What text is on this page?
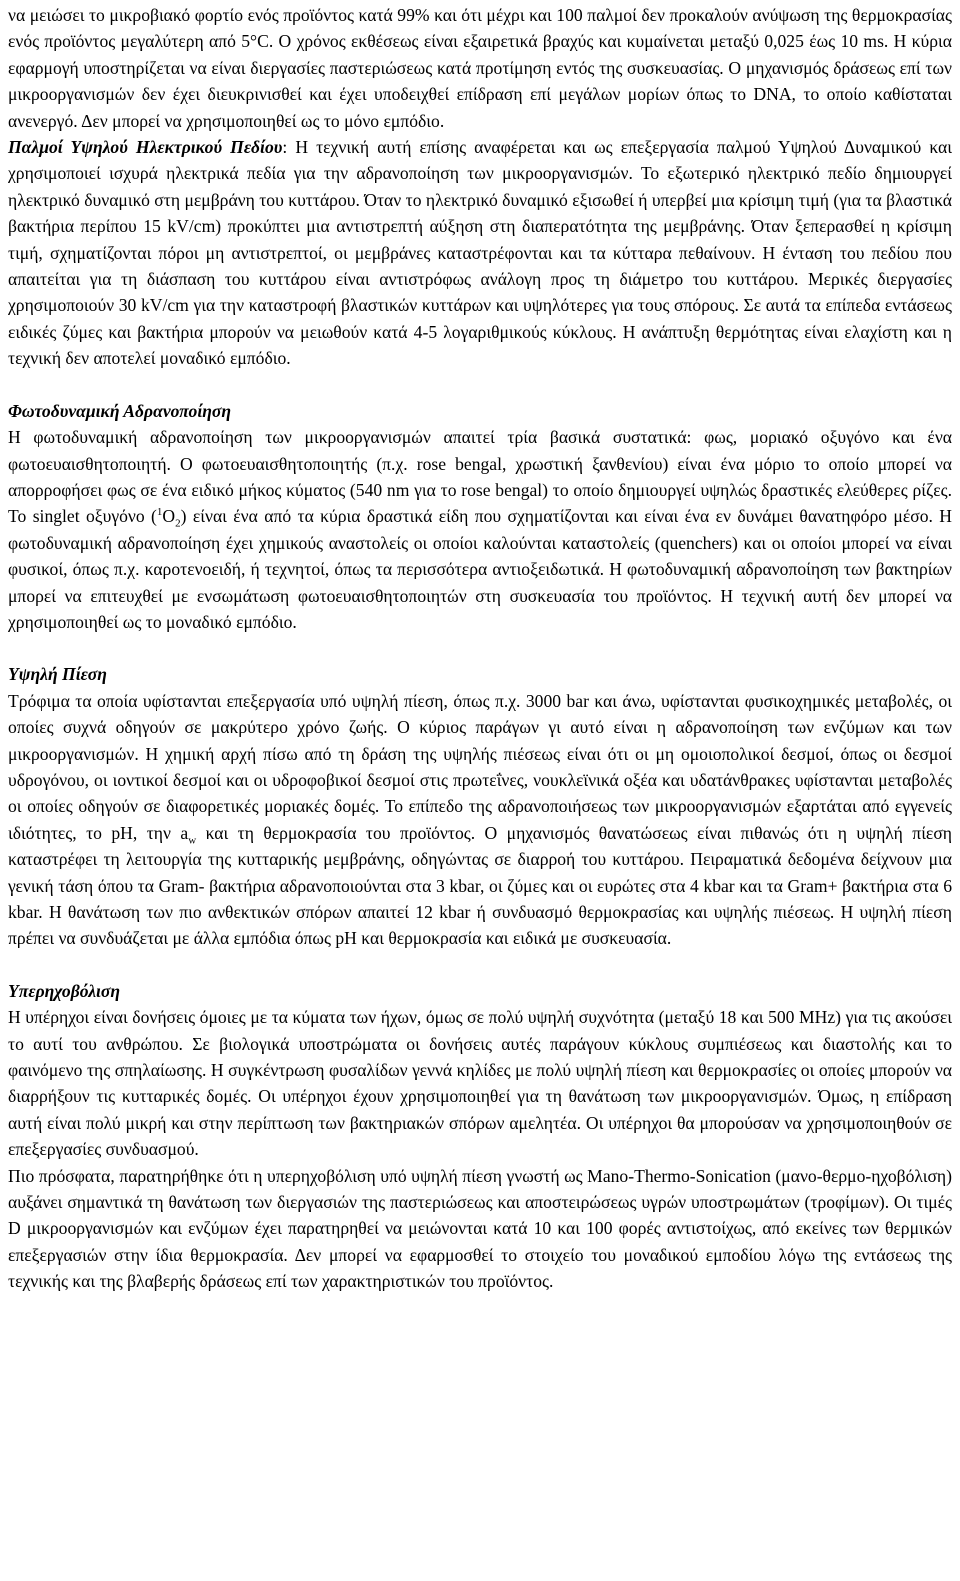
να μειώσει το μικροβιακό φορτίο ενός προϊόντος κατά 99% και ότι μέχρι και 100 παλμοί δεν προκαλούν ανύψωση της θερμοκρασίας ενός προϊόντος μεγαλύτερη από 5°C. Ο χρόνος εκθέσεως είναι εξαιρετικά βραχύς και κυμαίνεται μεταξύ 0,025 έως 10 ms. Η κύρια εφαρμογή υποστηρίζεται να είναι διεργασίες παστεριώσεως κατά προτίμηση εντός της συσκευασίας. Ο μηχανισμός δράσεως επί των μικροοργανισμών δεν έχει διευκρινισθεί και έχει υποδειχθεί επίδραση επί μεγάλων μορίων όπως το DNA, το οποίο καθίσταται ανενεργό. Δεν μπορεί να χρησιμοποιηθεί ως το μόνο εμπόδιο.

Παλμοί Υψηλού Ηλεκτρικού Πεδίου: Η τεχνική αυτή επίσης αναφέρεται και ως επεξεργασία παλμού Υψηλού Δυναμικού και χρησιμοποιεί ισχυρά ηλεκτρικά πεδία για την αδρανοποίηση των μικροοργανισμών. Το εξωτερικό ηλεκτρικό πεδίο δημιουργεί ηλεκτρικό δυναμικό στη μεμβράνη του κυττάρου. Όταν το ηλεκτρικό δυναμικό εξισωθεί ή υπερβεί μια κρίσιμη τιμή (για τα βλαστικά βακτήρια περίπου 15 kV/cm) προκύπτει μια αντιστρεπτή αύξηση στη διαπερατότητα της μεμβράνης. Όταν ξεπερασθεί η κρίσιμη τιμή, σχηματίζονται πόροι μη αντιστρεπτοί, οι μεμβράνες καταστρέφονται και τα κύτταρα πεθαίνουν. Η ένταση του πεδίου που απαιτείται για τη διάσπαση του κυττάρου είναι αντιστρόφως ανάλογη προς τη διάμετρο του κυττάρου. Μερικές διεργασίες χρησιμοποιούν 30 kV/cm για την καταστροφή βλαστικών κυττάρων και υψηλότερες για τους σπόρους. Σε αυτά τα επίπεδα εντάσεως ειδικές ζύμες και βακτήρια μπορούν να μειωθούν κατά 4-5 λογαριθμικούς κύκλους. Η ανάπτυξη θερμότητας είναι ελαχίστη και η τεχνική δεν αποτελεί μοναδικό εμπόδιο.

Φωτοδυναμική Αδρανοποίηση

Η φωτοδυναμική αδρανοποίηση των μικροοργανισμών απαιτεί τρία βασικά συστατικά: φως, μοριακό οξυγόνο και ένα φωτοευαισθητοποιητή. Ο φωτοευαισθητοποιητής (π.χ. rose bengal, χρωστική ξανθενίου) είναι ένα μόριο το οποίο μπορεί να απορροφήσει φως σε ένα ειδικό μήκος κύματος (540 nm για το rose bengal) το οποίο δημιουργεί υψηλώς δραστικές ελεύθερες ρίζες. Το singlet οξυγόνο $(^1O_2)$ είναι ένα από τα κύρια δραστικά είδη που σχηματίζονται και είναι ένα εν δυνάμει θανατηφόρο μέσο. Η φωτοδυναμική αδρανοποίηση έχει χημικούς αναστολείς οι οποίοι καλούνται καταστολείς (quenchers) και οι οποίοι μπορεί να είναι φυσικοί, όπως π.χ. καροτενοειδή, ή τεχνητοί, όπως τα περισσότερα αντιοξειδωτικά. Η φωτοδυναμική αδρανοποίηση των βακτηρίων μπορεί να επιτευχθεί με ενσωμάτωση φωτοευαισθητοποιητών στη συσκευασία του προϊόντος. Η τεχνική αυτή δεν μπορεί να χρησιμοποιηθεί ως το μοναδικό εμπόδιο.

Υψηλή Πίεση

Τρόφιμα τα οποία υφίστανται επεξεργασία υπό υψηλή πίεση, όπως π.χ. 3000 bar και άνω, υφίστανται φυσικοχημικές μεταβολές, οι οποίες συχνά οδηγούν σε μακρύτερο χρόνο ζωής. Ο κύριος παράγων γι αυτό είναι η αδρανοποίηση των ενζύμων και των μικροοργανισμών. Η χημική αρχή πίσω από τη δράση της υψηλής πιέσεως είναι ότι οι μη ομοιοπολικοί δεσμοί, όπως οι δεσμοί υδρογόνου, οι ιοντικοί δεσμοί και οι υδροφοβικοί δεσμοί στις πρωτεΐνες, νουκλεϊνικά οξέα και υδατάνθρακες υφίστανται μεταβολές οι οποίες οδηγούν σε διαφορετικές μοριακές δομές. Το επίπεδο της αδρανοποιήσεως των μικροοργανισμών εξαρτάται από εγγενείς ιδιότητες, το pH, την $a_w$ και τη θερμοκρασία του προϊόντος. Ο μηχανισμός θανατώσεως είναι πιθανώς ότι η υψηλή πίεση καταστρέφει τη λειτουργία της κυτταρικής μεμβράνης, οδηγώντας σε διαρροή του κυττάρου. Πειραματικά δεδομένα δείχνουν μια γενική τάση όπου τα Gram- βακτήρια αδρανοποιούνται στα 3 kbar, οι ζύμες και οι ευρώτες στα 4 kbar και τα Gram+ βακτήρια στα 6 kbar. Η θανάτωση των πιο ανθεκτικών σπόρων απαιτεί 12 kbar ή συνδυασμό θερμοκρασίας και υψηλής πιέσεως. Η υψηλή πίεση πρέπει να συνδυάζεται με άλλα εμπόδια όπως pH και θερμοκρασία και ειδικά με συσκευασία.

Υπερηχοβόλιση

Η υπέρηχοι είναι δονήσεις όμοιες με τα κύματα των ήχων, όμως σε πολύ υψηλή συχνότητα (μεταξύ 18 και 500 MHz) για τις ακούσει το αυτί του ανθρώπου. Σε βιολογικά υποστρώματα οι δονήσεις αυτές παράγουν κύκλους συμπιέσεως και διαστολής και το φαινόμενο της σπηλαίωσης. Η συγκέντρωση φυσαλίδων γεννά κηλίδες με πολύ υψηλή πίεση και θερμοκρασίες οι οποίες μπορούν να διαρρήξουν τις κυτταρικές δομές. Οι υπέρηχοι έχουν χρησιμοποιηθεί για τη θανάτωση των μικροοργανισμών. Όμως, η επίδραση αυτή είναι πολύ μικρή και στην περίπτωση των βακτηριακών σπόρων αμελητέα. Οι υπέρηχοι θα μπορούσαν να χρησιμοποιηθούν σε επεξεργασίες συνδυασμού.

Πιο πρόσφατα, παρατηρήθηκε ότι η υπερηχοβόλιση υπό υψηλή πίεση γνωστή ως Mano-Thermo-Sonication (μανο-θερμο-ηχοβόλιση) αυξάνει σημαντικά τη θανάτωση των διεργασιών της παστεριώσεως και αποστειρώσεως υγρών υποστρωμάτων (τροφίμων). Οι τιμές D μικροοργανισμών και ενζύμων έχει παρατηρηθεί να μειώνονται κατά 10 και 100 φορές αντιστοίχως, από εκείνες των θερμικών επεξεργασιών στην ίδια θερμοκρασία. Δεν μπορεί να εφαρμοσθεί το στοιχείο του μοναδικού εμποδίου λόγω της εντάσεως της τεχνικής και της βλαβερής δράσεως επί των χαρακτηριστικών του προϊόντος.
